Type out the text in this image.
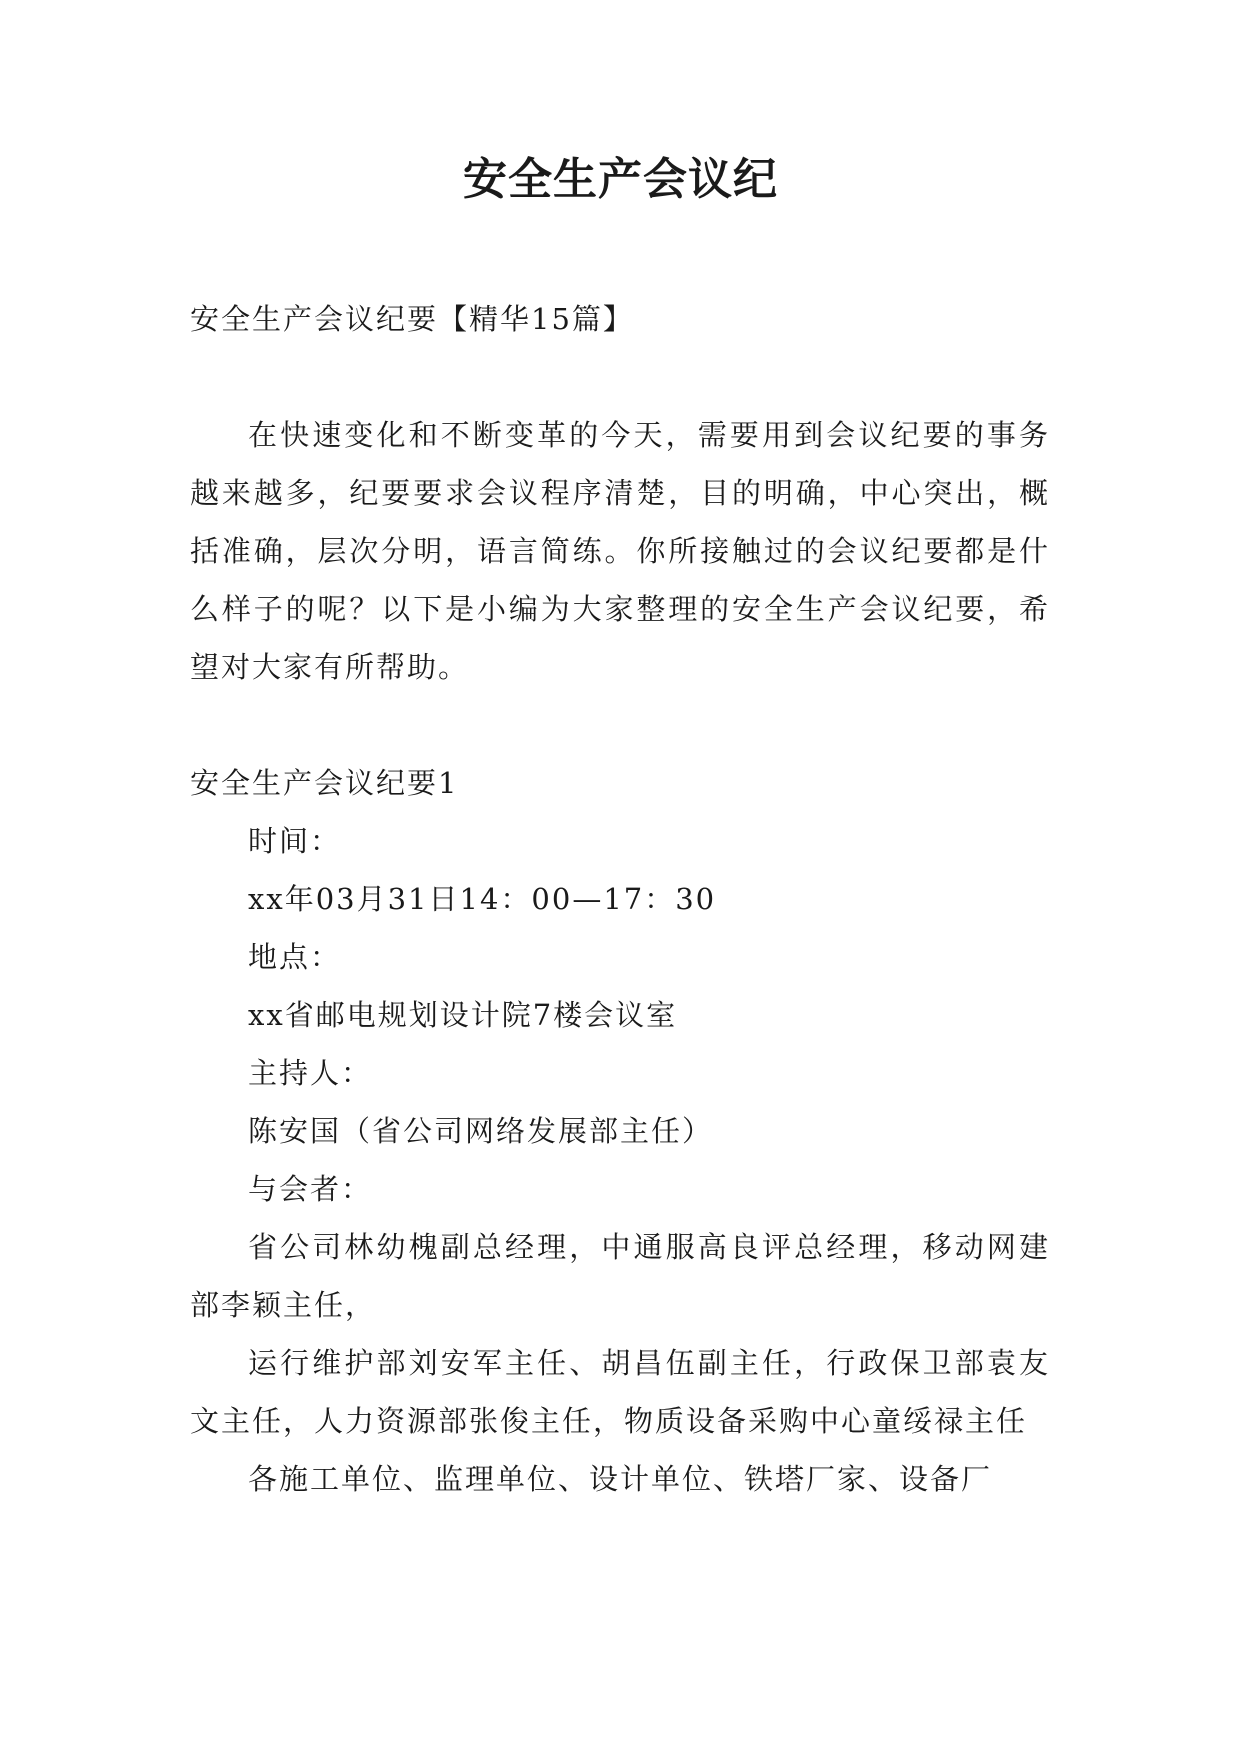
安全生产会议纪

安全生产会议纪要【精华15篇】

在快速变化和不断变革的今天，需要用到会议纪要的事务越来越多，纪要要求会议程序清楚，目的明确，中心突出，概括准确，层次分明，语言简练。你所接触过的会议纪要都是什么样子的呢？以下是小编为大家整理的安全生产会议纪要，希望对大家有所帮助。

安全生产会议纪要1

时间：

xx年03月31日14：00—17：30

地点：

xx省邮电规划设计院7楼会议室

主持人：

陈安国（省公司网络发展部主任）

与会者：

省公司林幼槐副总经理，中通服高良评总经理，移动网建部李颖主任，

运行维护部刘安军主任、胡昌伍副主任，行政保卫部袁友文主任，人力资源部张俊主任，物质设备采购中心童绥禄主任

各施工单位、监理单位、设计单位、铁塔厂家、设备厂
